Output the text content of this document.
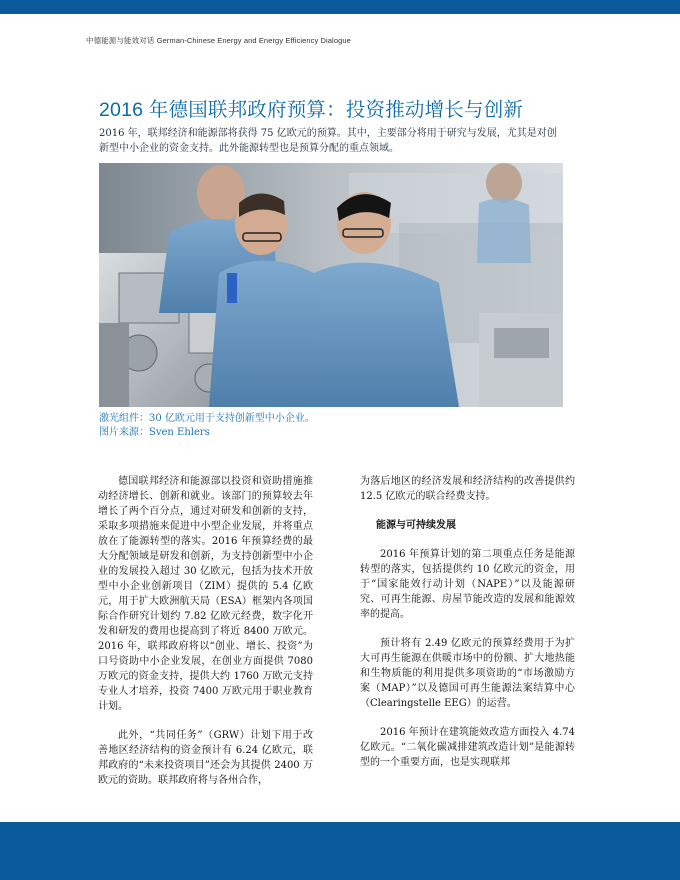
中德能源与能效对话 German-Chinese Energy and Energy Efficiency Dialogue
2016 年德国联邦政府预算：投资推动增长与创新

2016 年，联邦经济和能源部将获得 75 亿欧元的预算。其中，主要部分将用于研究与发展，尤其是对创新型中小企业的资金支持。此外能源转型也是预算分配的重点领域。

激光组件：30 亿欧元用于支持创新型中小企业。
图片来源：Sven Ehlers

德国联邦经济和能源部以投资和资助措施推动经济增长、创新和就业。该部门的预算较去年增长了两个百分点，通过对研发和创新的支持，采取多项措施来促进中小型企业发展，并将重点放在了能源转型的落实。2016 年预算经费的最大分配领域是研发和创新，为支持创新型中小企业的发展投入超过 30 亿欧元，包括为技术开放型中小企业创新项目（ZIM）提供的 5.4 亿欧元，用于扩大欧洲航天局（ESA）框架内各项国际合作研究计划约 7.82 亿欧元经费，数字化开发和研发的费用也提高到了将近 8400 万欧元。2016 年，联邦政府将以“创业、增长、投资”为口号资助中小企业发展，在创业方面提供 7080 万欧元的资金支持，提供大约 1760 万欧元支持专业人才培养，投资 7400 万欧元用于职业教育计划。

此外，“共同任务”（GRW）计划下用于改善地区经济结构的资金预计有 6.24 亿欧元，联邦政府的“未来投资项目”还会为其提供 2400 万欧元的资助。联邦政府将与各州合作，

为落后地区的经济发展和经济结构的改善提供约 12.5 亿欧元的联合经费支持。

能源与可持续发展

2016 年预算计划的第二项重点任务是能源转型的落实，包括提供约 10 亿欧元的资金，用于“国家能效行动计划（NAPE）”以及能源研究、可再生能源、房屋节能改造的发展和能源效率的提高。

预计将有 2.49 亿欧元的预算经费用于为扩大可再生能源在供暖市场中的份额、扩大地热能和生物质能的利用提供多项资助的“市场激励方案（MAP）”以及德国可再生能源法案结算中心（Clearingstelle EEG）的运营。

2016 年预计在建筑能效改造方面投入 4.74 亿欧元。“二氧化碳减排建筑改造计划”是能源转型的一个重要方面，也是实现联邦
